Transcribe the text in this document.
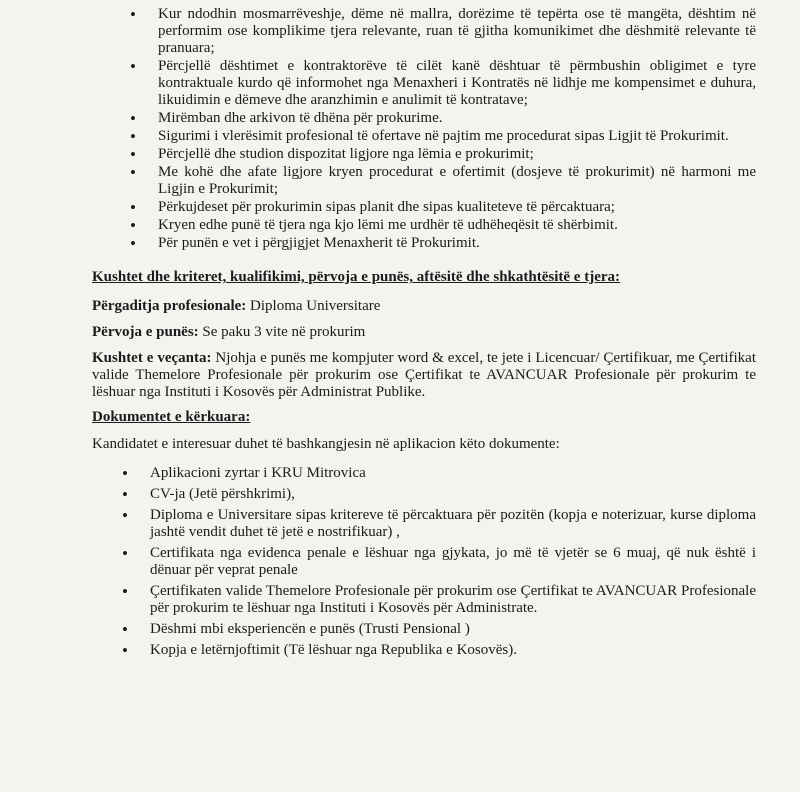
• Kur ndodhin mosmarrëveshje, dëme në mallra, dorëzime të tepërta ose të mangëta, dështim në performim ose komplikime tjera relevante, ruan të gjitha komunikimet dhe dëshmitë relevante të pranuara;
• Përcjellë dështimet e kontraktorëve të cilët kanë dështuar të përmbushin obligimet e tyre kontraktuale kurdo që informohet nga Menaxheri i Kontratës në lidhje me kompensimet e duhura, likuidimin e dëmeve dhe aranzhimin e anulimit të kontratave;
• Mirëmban dhe arkivon të dhëna për prokurime.
• Sigurimi i vlerësimit profesional të ofertave në pajtim me procedurat sipas Ligjit të Prokurimit.
• Përcjellë dhe studion dispozitat ligjore nga lëmia e prokurimit;
• Me kohë dhe afate ligjore kryen procedurat e ofertimit (dosjeve të prokurimit) në harmoni me Ligjin e Prokurimit;
• Përkujdeset për prokurimin sipas planit dhe sipas kualiteteve të përcaktuara;
• Kryen edhe punë të tjera nga kjo lëmi me urdhër të udhëheqësit të shërbimit.
• Për punën e vet i përgjigjet Menaxherit të Prokurimit.
Kushtet dhe kriteret, kualifikimi, përvoja e punës, aftësitë dhe shkathtësitë e tjera:
Përgaditja profesionale: Diploma Universitare
Përvoja e punës: Se paku 3 vite në prokurim
Kushtet e veçanta: Njohja e punës me kompjuter word & excel, te jete i Licencuar/ Çertifikuar, me Çertifikat valide Themelore Profesionale për prokurim ose Çertifikat te AVANCUAR Profesionale për prokurim te lëshuar nga Instituti i Kosovës për Administrat Publike.
Dokumentet e kërkuara:
Kandidatet e interesuar duhet të bashkangjesin në aplikacion këto dokumente:
• Aplikacioni zyrtar i KRU Mitrovica
• CV-ja (Jetë përshkrimi),
• Diploma e Universitare sipas kritereve të përcaktuara për pozitën (kopja e noterizuar, kurse diploma jashtë vendit duhet të jetë e nostrifikuar) ,
• Certifikata nga evidenca penale e lëshuar nga gjykata, jo më të vjetër se 6 muaj, që nuk është i dënuar për veprat penale
• Çertifikaten valide Themelore Profesionale për prokurim ose Çertifikat te AVANCUAR Profesionale për prokurim te lëshuar nga Instituti i Kosovës për Administrate.
• Dëshmi mbi eksperiencën e punës (Trusti Pensional )
• Kopja e letërnjoftimit (Të lëshuar nga Republika e Kosovës).
